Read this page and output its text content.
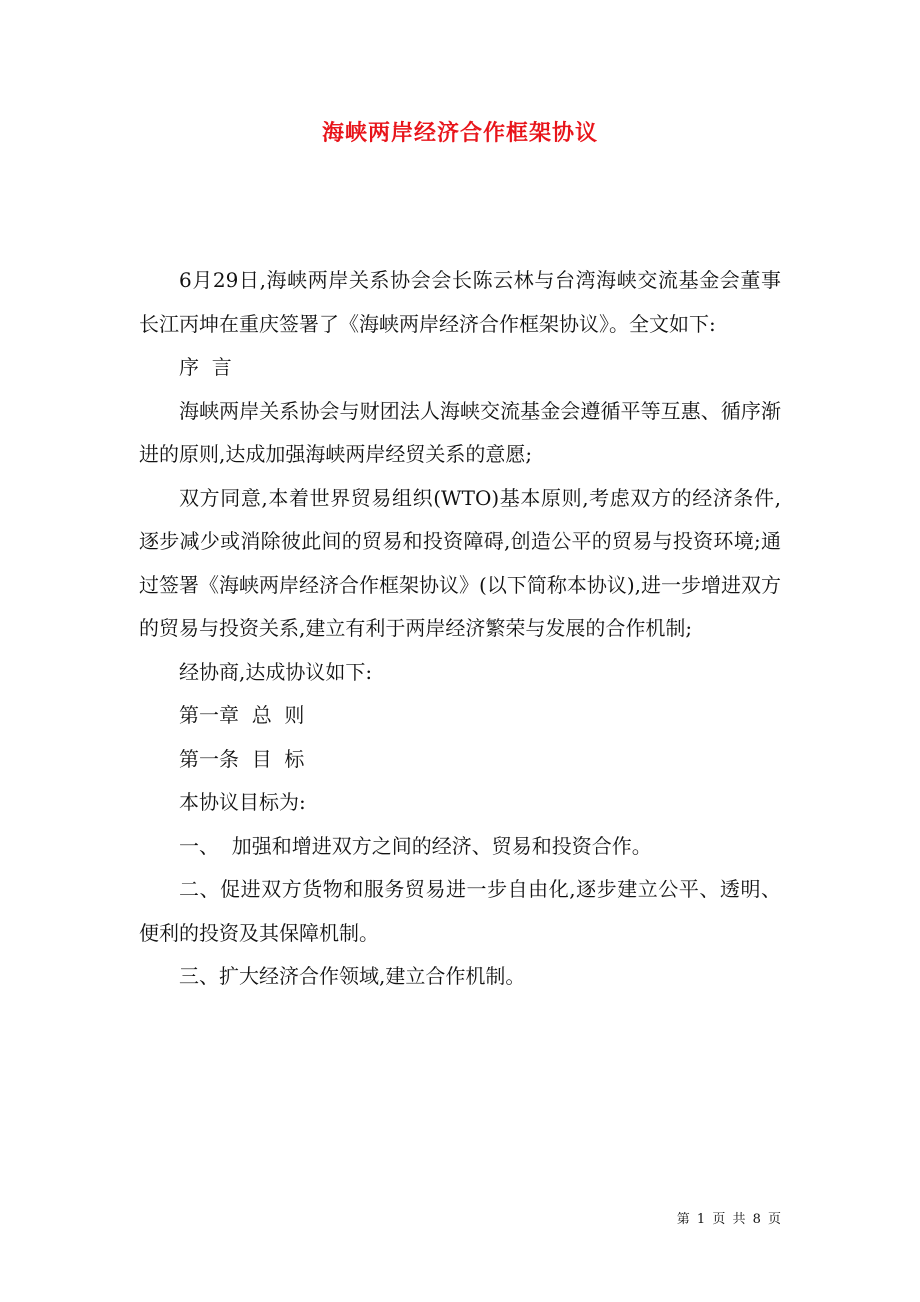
海峡两岸经济合作框架协议

6月29日,海峡两岸关系协会会长陈云林与台湾海峡交流基金会董事长江丙坤在重庆签署了《海峡两岸经济合作框架协议》。全文如下:

序  言

海峡两岸关系协会与财团法人海峡交流基金会遵循平等互惠、循序渐进的原则,达成加强海峡两岸经贸关系的意愿;

双方同意,本着世界贸易组织(WTO)基本原则,考虑双方的经济条件,逐步减少或消除彼此间的贸易和投资障碍,创造公平的贸易与投资环境;通过签署《海峡两岸经济合作框架协议》(以下简称本协议),进一步增进双方的贸易与投资关系,建立有利于两岸经济繁荣与发展的合作机制;

经协商,达成协议如下:

第一章  总  则

第一条  目  标

本协议目标为:

一、  加强和增进双方之间的经济、贸易和投资合作。

二、促进双方货物和服务贸易进一步自由化,逐步建立公平、透明、便利的投资及其保障机制。

三、扩大经济合作领域,建立合作机制。

第 1 页 共 8 页
